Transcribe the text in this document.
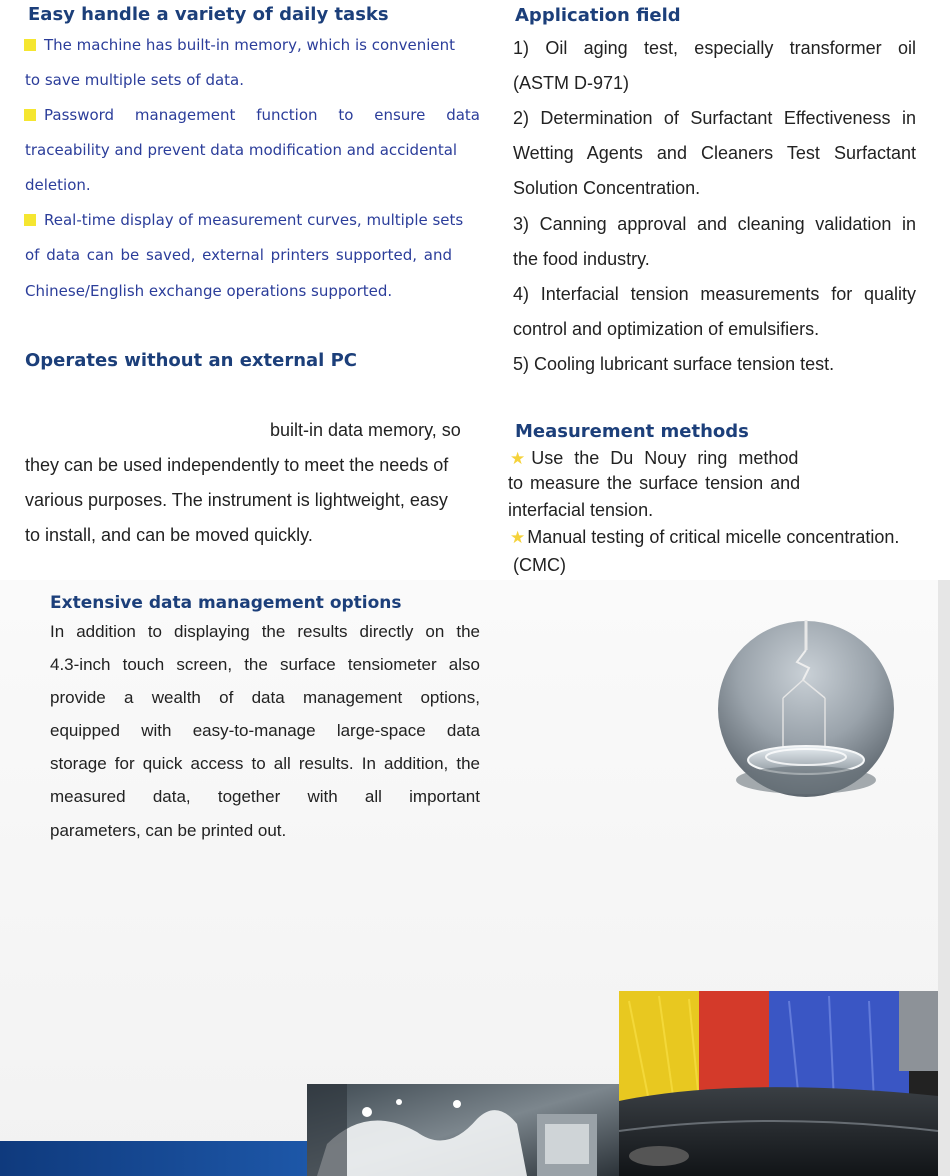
Easy handle a variety of daily tasks
The machine has built-in memory, which is convenient
to save multiple sets of data.
Password management function to ensure data
traceability and prevent data modification and accidental
deletion.
Real-time display of measurement curves, multiple sets
of data can be saved, external printers supported, and
Chinese/English exchange operations supported.
Operates without an external PC
built-in data memory, so
they can be used independently to meet the needs of
various purposes. The instrument is lightweight, easy
to install, and can be moved quickly.
Application field
1) Oil aging test, especially transformer oil
(ASTM D-971)
2) Determination of Surfactant Effectiveness in
Wetting Agents and Cleaners Test Surfactant
Solution Concentration.
3) Canning approval and cleaning validation in
the food industry.
4) Interfacial tension measurements for quality
control and optimization of emulsifiers.
5) Cooling lubricant surface tension test.
Measurement methods
★ Use the Du Nouy ring method
to measure the surface tension and
interfacial tension.
★ Manual testing of critical micelle concentration.
(CMC)
Extensive data management options
In addition to displaying the results directly on the
4.3-inch touch screen, the surface tensiometer also
provide a wealth of data management options,
equipped with easy-to-manage large-space data
storage for quick access to all results. In addition, the
measured data, together with all important
parameters, can be printed out.
